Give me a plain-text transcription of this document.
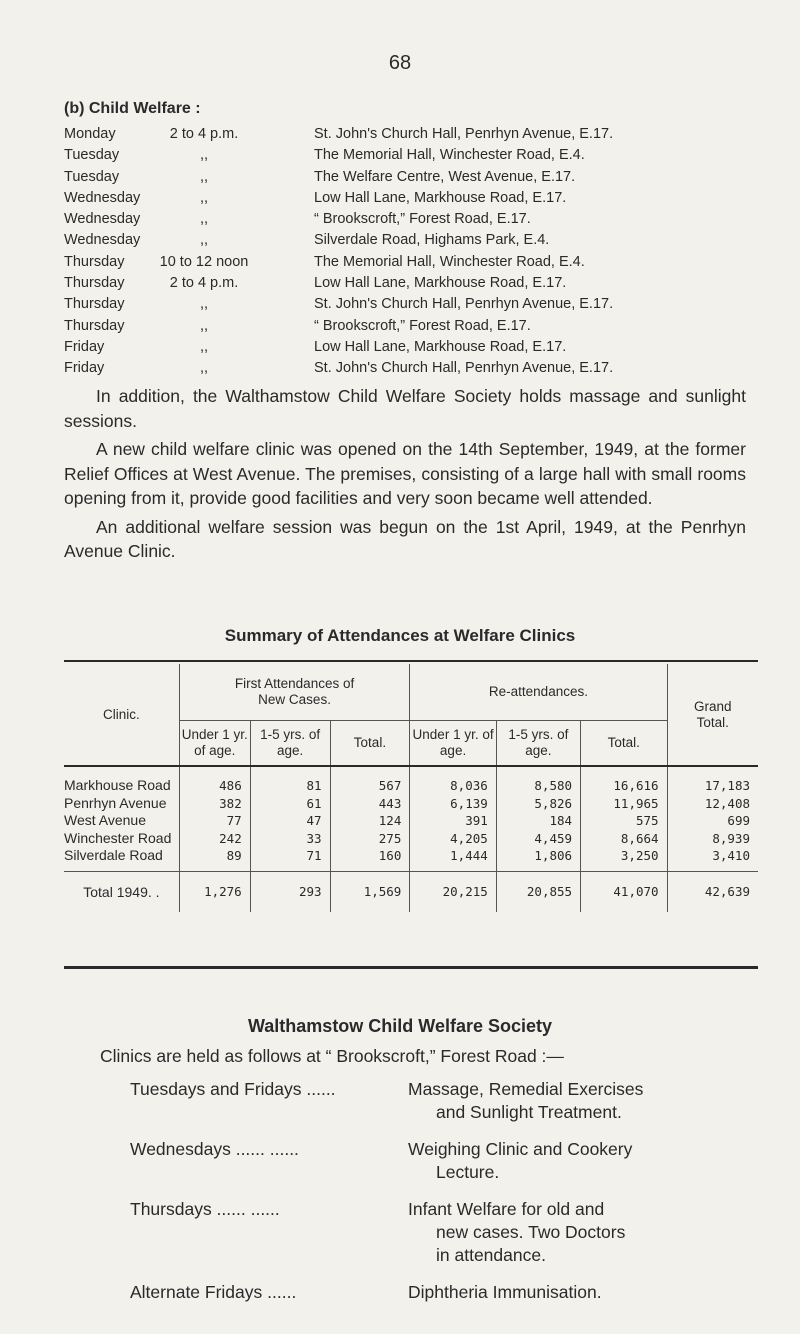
68
(b) Child Welfare :
Monday	2 to 4 p.m.	St. John's Church Hall, Penrhyn Avenue, E.17.
Tuesday	,,	The Memorial Hall, Winchester Road, E.4.
Tuesday	,,	The Welfare Centre, West Avenue, E.17.
Wednesday	,,	Low Hall Lane, Markhouse Road, E.17.
Wednesday	,,	“ Brookscroft,” Forest Road, E.17.
Wednesday	,,	Silverdale Road, Highams Park, E.4.
Thursday	10 to 12 noon	The Memorial Hall, Winchester Road, E.4.
Thursday	2 to 4 p.m.	Low Hall Lane, Markhouse Road, E.17.
Thursday	,,	St. John's Church Hall, Penrhyn Avenue, E.17.
Thursday	,,	“ Brookscroft,” Forest Road, E.17.
Friday	,,	Low Hall Lane, Markhouse Road, E.17.
Friday	,,	St. John's Church Hall, Penrhyn Avenue, E.17.

In addition, the Walthamstow Child Welfare Society holds massage and sunlight sessions.

A new child welfare clinic was opened on the 14th September, 1949, at the former Relief Offices at West Avenue. The premises, consisting of a large hall with small rooms opening from it, provide good facilities and very soon became well attended.

An additional welfare session was begun on the 1st April, 1949, at the Penrhyn Avenue Clinic.

Summary of Attendances at Welfare Clinics
Clinic.	First Attendances of New Cases.			Re-attendances.			Grand Total.
	Under 1 yr. of age.	1-5 yrs. of age.	Total.	Under 1 yr. of age.	1-5 yrs. of age.	Total.	

Markhouse Road	486	81	567	8,036	8,580	16,616	17,183
Penrhyn Avenue	382	61	443	6,139	5,826	11,965	12,408
West Avenue	77	47	124	391	184	575	699
Winchester Road	242	33	275	4,205	4,459	8,664	8,939
Silverdale Road	89	71	160	1,444	1,806	3,250	3,410

Total 1949. .	1,276	293	1,569	20,215	20,855	41,070	42,639
Walthamstow Child Welfare Society
Clinics are held as follows at “ Brookscroft,” Forest Road :—
Tuesdays and Fridays ......	Massage, Remedial Exercises
and Sunlight Treatment.
Wednesdays ...... ......	Weighing Clinic and Cookery
Lecture.
Thursdays ...... ......	Infant Welfare for old and
new cases. Two Doctors
in attendance.
Alternate Fridays ......	Diphtheria Immunisation.
